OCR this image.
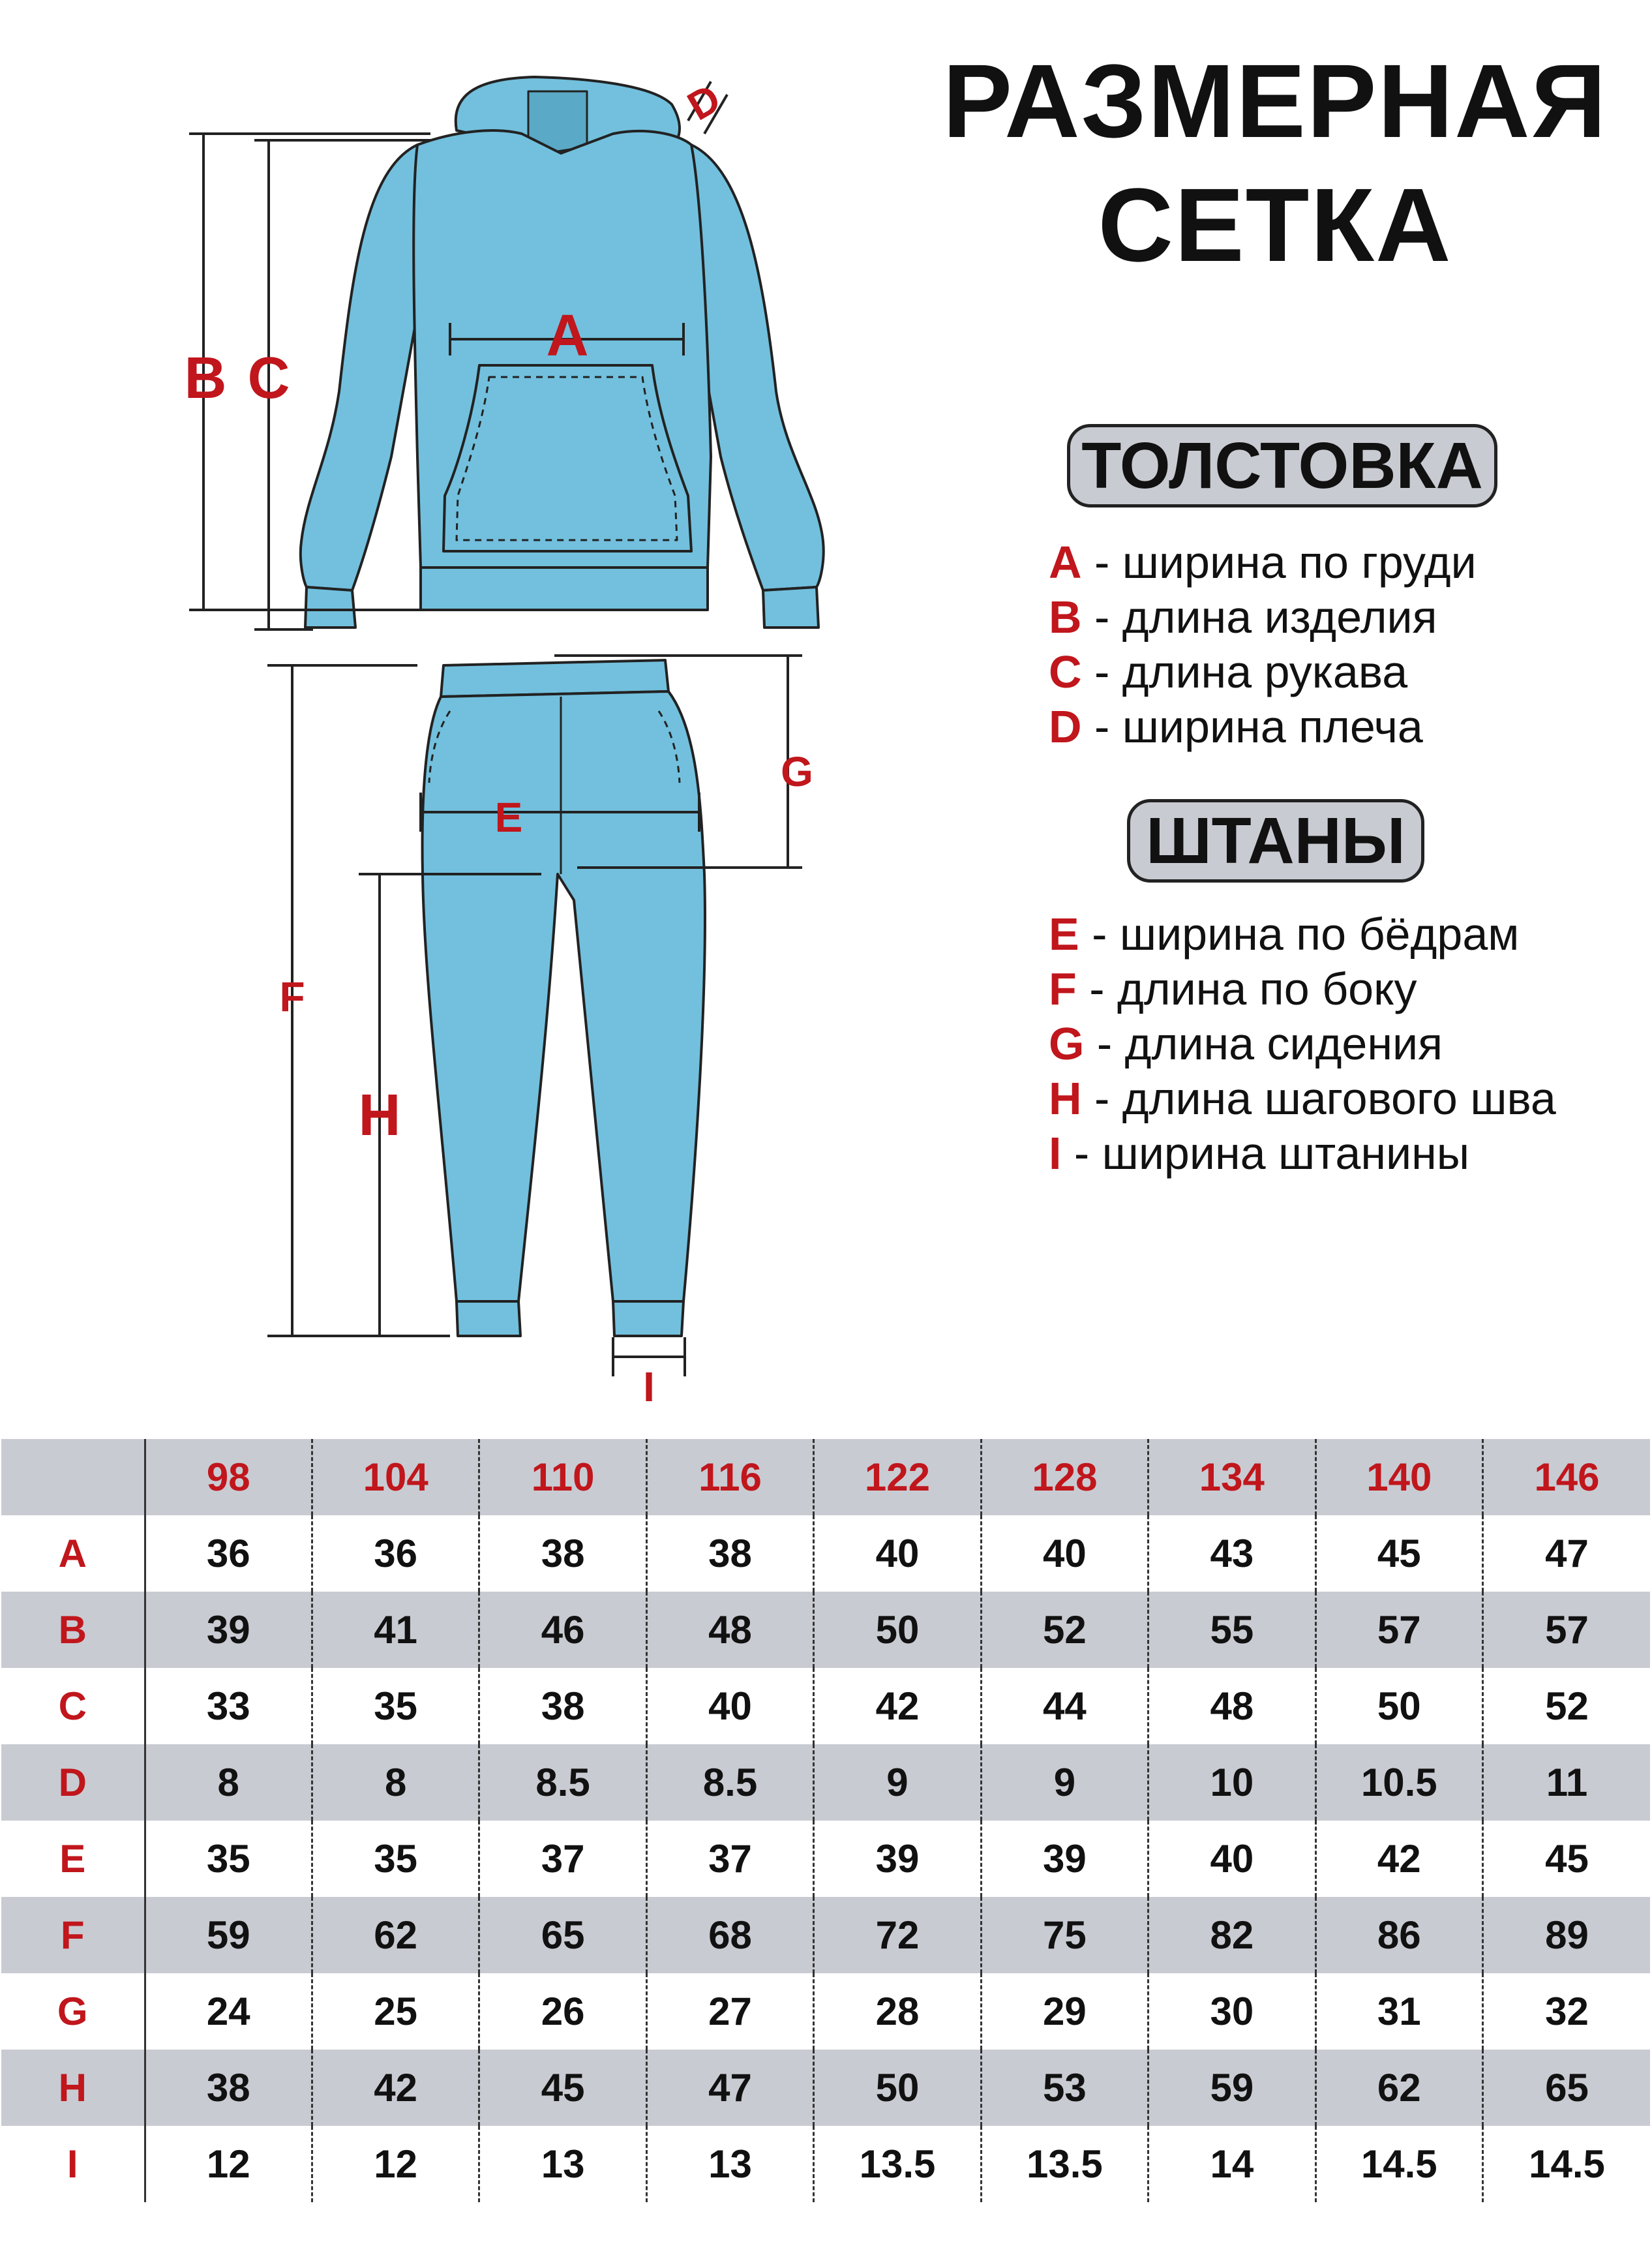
РАЗМЕРНАЯ
СЕТКА
A
B C
D
E
F
G
H
I
ТОЛСТОВКА
A - ширина по груди
B - длина изделия
C - длина рукава
D - ширина плеча
ШТАНЫ
E - ширина по бёдрам
F - длина по боку
G - длина сидения
H - длина шагового шва
I - ширина штанины
	98	104	110	116	122	128	134	140	146
A	36	36	38	38	40	40	43	45	47
B	39	41	46	48	50	52	55	57	57
C	33	35	38	40	42	44	48	50	52
D	8	8	8.5	8.5	9	9	10	10.5	11
E	35	35	37	37	39	39	40	42	45
F	59	62	65	68	72	75	82	86	89
G	24	25	26	27	28	29	30	31	32
H	38	42	45	47	50	53	59	62	65
I	12	12	13	13	13.5	13.5	14	14.5	14.5
